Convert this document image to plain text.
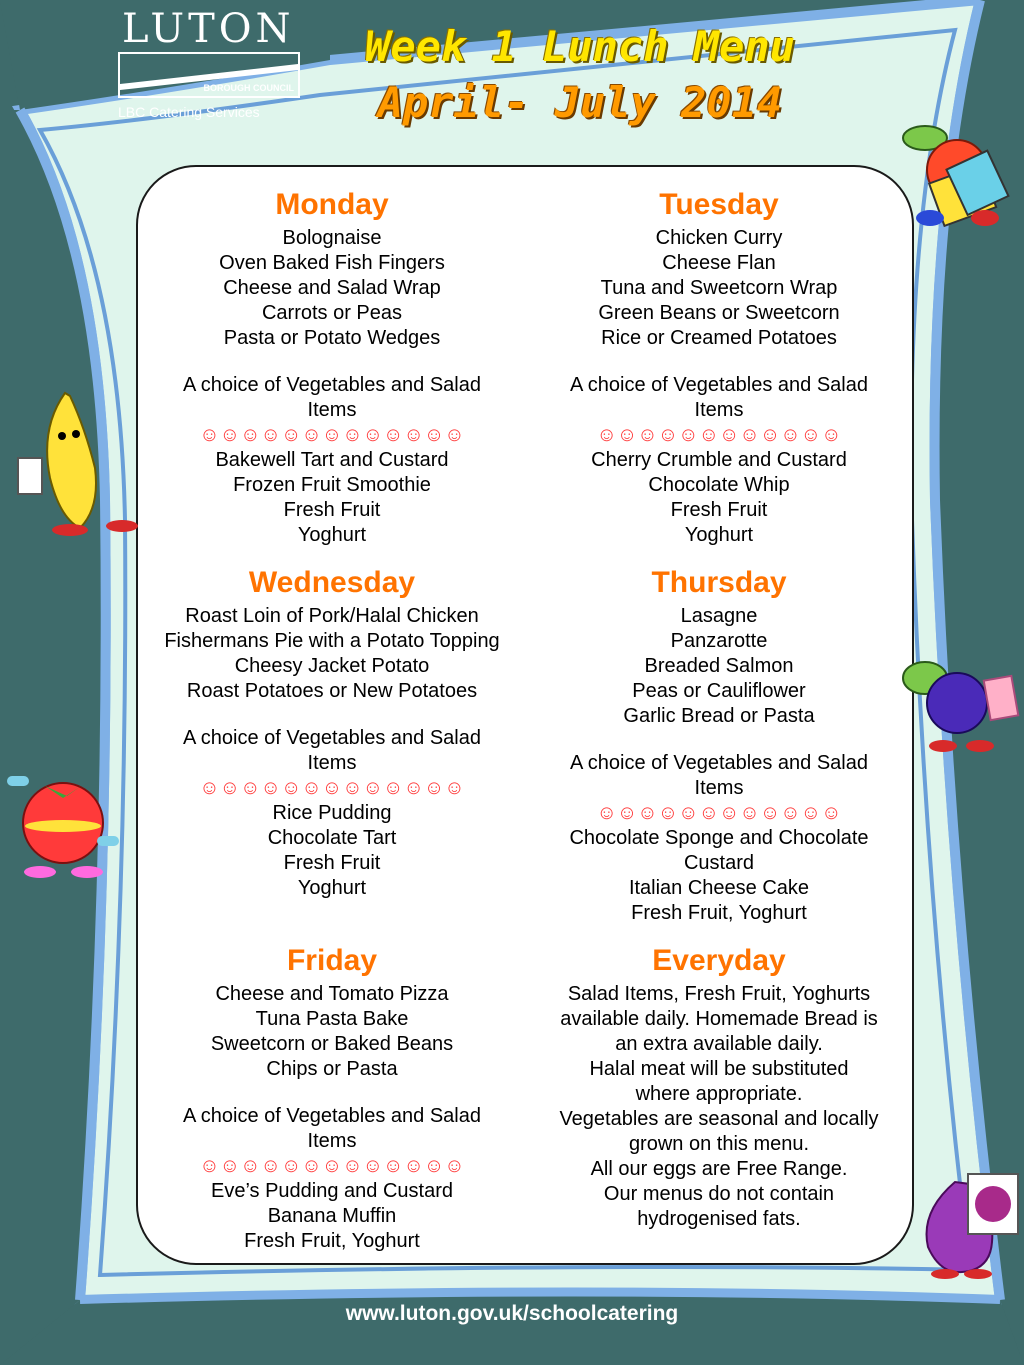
LUTON
BOROUGH COUNCIL
LBC Catering Services
Week 1 Lunch Menu
April- July 2014
Monday
Bolognaise
Oven Baked Fish Fingers
Cheese and Salad Wrap
Carrots or Peas
Pasta or Potato Wedges
A choice of Vegetables and Salad
Items
☺☺☺☺☺☺☺☺☺☺☺☺☺
Bakewell Tart and Custard
Frozen Fruit Smoothie
Fresh Fruit
Yoghurt
Tuesday
Chicken Curry
Cheese Flan
Tuna and Sweetcorn Wrap
Green Beans or Sweetcorn
Rice or Creamed Potatoes
A choice of Vegetables and Salad
Items
☺☺☺☺☺☺☺☺☺☺☺☺
Cherry Crumble and Custard
Chocolate Whip
Fresh Fruit
Yoghurt
Wednesday
Roast Loin of Pork/Halal Chicken
Fishermans Pie with a Potato Topping
Cheesy Jacket Potato
Roast Potatoes or New Potatoes
A choice of Vegetables and Salad
Items
☺☺☺☺☺☺☺☺☺☺☺☺☺
Rice Pudding
Chocolate Tart
Fresh Fruit
Yoghurt
Thursday
Lasagne
Panzarotte
Breaded Salmon
Peas or Cauliflower
Garlic Bread or Pasta
A choice of Vegetables and Salad
Items
☺☺☺☺☺☺☺☺☺☺☺☺
Chocolate Sponge and Chocolate
Custard
Italian Cheese Cake
Fresh Fruit, Yoghurt
Friday
Cheese and Tomato Pizza
Tuna Pasta Bake
Sweetcorn or Baked Beans
Chips or Pasta
A choice of Vegetables and Salad
Items
☺☺☺☺☺☺☺☺☺☺☺☺☺
Eve’s Pudding and Custard
Banana Muffin
Fresh Fruit, Yoghurt
Everyday
Salad Items, Fresh Fruit, Yoghurts
available daily. Homemade Bread is
an extra available daily.
Halal meat will be substituted
where appropriate.
Vegetables are seasonal and locally
grown on this menu.
All our eggs are Free Range.
Our menus do not contain
hydrogenised fats.
www.luton.gov.uk/schoolcatering
